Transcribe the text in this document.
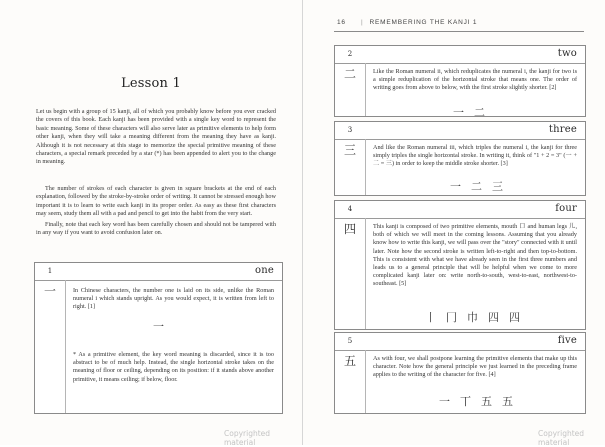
Lesson 1
Let us begin with a group of 15 kanji, all of which you probably know before you ever cracked the covers of this book. Each kanji has been provided with a single key word to represent the basic meaning. Some of these characters will also serve later as primitive elements to help form other kanji, when they will take a meaning different from the meaning they have as kanji. Although it is not necessary at this stage to memorize the special primitive meaning of these characters, a special remark preceded by a star (*) has been appended to alert you to the change in meaning.
The number of strokes of each character is given in square brackets at the end of each explanation, followed by the stroke-by-stroke order of writing. It cannot be stressed enough how important it is to learn to write each kanji in its proper order. As easy as these first characters may seem, study them all with a pad and pencil to get into the habit from the very start.
Finally, note that each key word has been carefully chosen and should not be tampered with in any way if you want to avoid confusion later on.
1	one
一	In Chinese characters, the number one is laid on its side, unlike the Roman numeral i which stands upright. As you would expect, it is written from left to right. [1]
一
* As a primitive element, the key word meaning is discarded, since it is too abstract to be of much help. Instead, the single horizontal stroke takes on the meaning of floor or ceiling, depending on its position: if it stands above another primitive, it means ceiling; if below, floor.
Copyrighted material
16 | REMEMBERING THE KANJI 1
2	two
二	Like the Roman numeral ii, which reduplicates the numeral i, the kanji for two is a simple reduplication of the horizontal stroke that means one. The order of writing goes from above to below, with the first stroke slightly shorter. [2]
一 二
3	three
三	And like the Roman numeral iii, which triples the numeral i, the kanji for three simply triples the single horizontal stroke. In writing it, think of "1 + 2 = 3" (一 + 二 = 三) in order to keep the middle stroke shorter. [3]
一 二 三
4	four
四	This kanji is composed of two primitive elements, mouth 口 and human legs 儿, both of which we will meet in the coming lessons. Assuming that you already know how to write this kanji, we will pass over the "story" connected with it until later. Note how the second stroke is written left-to-right and then top-to-bottom. This is consistent with what we have already seen in the first three numbers and leads us to a general principle that will be helpful when we come to more complicated kanji later on: write north-to-south, west-to-east, northwest-to-southeast. [5]
丨 冂 巾 四 四
5	five
五	As with four, we shall postpone learning the primitive elements that make up this character. Note how the general principle we just learned in the preceding frame applies to the writing of the character for five. [4]
一 丅 五 五
Copyrighted material
